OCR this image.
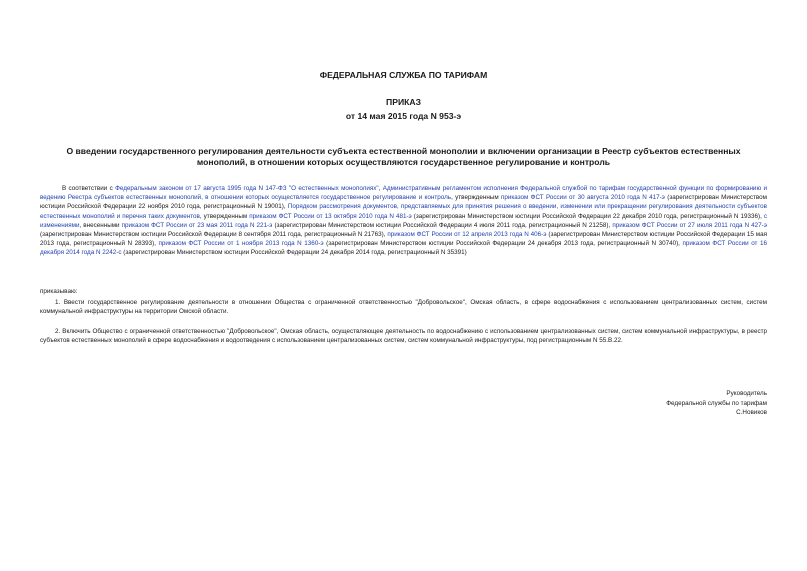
ФЕДЕРАЛЬНАЯ СЛУЖБА ПО ТАРИФАМ

ПРИКАЗ

от 14 мая 2015 года N 953-э

О введении государственного регулирования деятельности субъекта естественной монополии и включении организации в Реестр субъектов естественных монополий, в отношении которых осуществляются государственное регулирование и контроль

В соответствии с Федеральным законом от 17 августа 1995 года N 147-ФЗ "О естественных монополиях", Административным регламентом исполнения Федеральной службой по тарифам государственной функции по формированию и ведению Реестра субъектов естественных монополий, в отношении которых осуществляется государственное регулирование и контроль, утвержденным приказом ФСТ России от 30 августа 2010 года N 417-э (зарегистрирован Министерством юстиции Российской Федерации 22 ноября 2010 года, регистрационный N 19001), Порядком рассмотрения документов, представляемых для принятия решения о введении, изменении или прекращении регулирования деятельности субъектов естественных монополий и перечня таких документов, утвержденным приказом ФСТ России от 13 октября 2010 года N 481-э (зарегистрирован Министерством юстиции Российской Федерации 22 декабря 2010 года, регистрационный N 19336), с изменениями, внесенными приказом ФСТ России от 23 мая 2011 года N 221-э (зарегистрирован Министерством юстиции Российской Федерации 4 июля 2011 года, регистрационный N 21258), приказом ФСТ России от 27 июля 2011 года N 427-э (зарегистрирован Министерством юстиции Российской Федерации 8 сентября 2011 года, регистрационный N 21763), приказом ФСТ России от 12 апреля 2013 года N 406-э (зарегистрирован Министерством юстиции Российской Федерации 15 мая 2013 года, регистрационный N 28393), приказом ФСТ России от 1 ноября 2013 года N 1360-э (зарегистрирован Министерством юстиции Российской Федерации 24 декабря 2013 года, регистрационный N 30740), приказом ФСТ России от 16 декабря 2014 года N 2242-с (зарегистрирован Министерством юстиции Российской Федерации 24 декабря 2014 года, регистрационный N 35391)

приказываю:

1. Ввести государственное регулирование деятельности в отношении Общества с ограниченной ответственностью "Добровольское", Омская область, в сфере водоснабжения с использованием централизованных систем, систем коммунальной инфраструктуры на территории Омской области.

2. Включить Общество с ограниченной ответственностью "Добровольское", Омская область, осуществляющее деятельность по водоснабжению с использованием централизованных систем, систем коммунальной инфраструктуры, в реестр субъектов естественных монополий в сфере водоснабжения и водоотведения с использованием централизованных систем, систем коммунальной инфраструктуры, под регистрационным N 55.В.22.

Руководитель
Федеральной службы по тарифам
С.Новиков
